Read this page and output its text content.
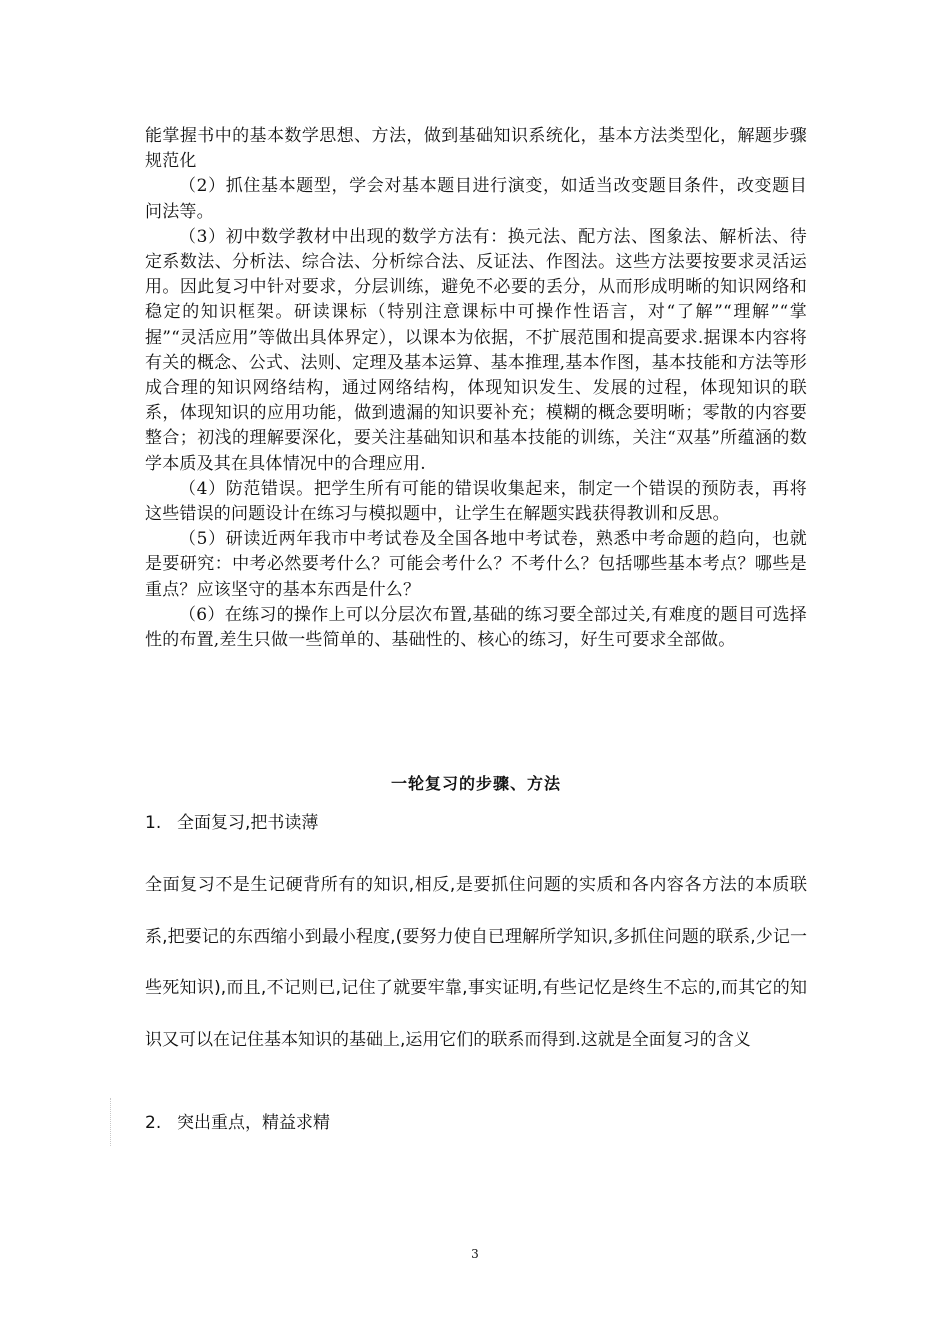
能掌握书中的基本数学思想、方法，做到基础知识系统化，基本方法类型化，解题步骤规范化

（2）抓住基本题型，学会对基本题目进行演变，如适当改变题目条件，改变题目问法等。

（3）初中数学教材中出现的数学方法有：换元法、配方法、图象法、解析法、待定系数法、分析法、综合法、分析综合法、反证法、作图法。这些方法要按要求灵活运用。因此复习中针对要求，分层训练，避免不必要的丢分，从而形成明晰的知识网络和稳定的知识框架。研读课标（特别注意课标中可操作性语言，对“了解”“理解”“掌握”“灵活应用”等做出具体界定），以课本为依据，不扩展范围和提高要求.据课本内容将有关的概念、公式、法则、定理及基本运算、基本推理,基本作图，基本技能和方法等形成合理的知识网络结构，通过网络结构，体现知识发生、发展的过程，体现知识的联系，体现知识的应用功能，做到遗漏的知识要补充；模糊的概念要明晰；零散的内容要整合；初浅的理解要深化，要关注基础知识和基本技能的训练，关注“双基”所蕴涵的数学本质及其在具体情况中的合理应用.

（4）防范错误。把学生所有可能的错误收集起来，制定一个错误的预防表，再将这些错误的问题设计在练习与模拟题中，让学生在解题实践获得教训和反思。

（5）研读近两年我市中考试卷及全国各地中考试卷，熟悉中考命题的趋向，也就是要研究：中考必然要考什么？可能会考什么？不考什么？包括哪些基本考点？哪些是重点？应该坚守的基本东西是什么？

（6）在练习的操作上可以分层次布置,基础的练习要全部过关,有难度的题目可选择性的布置,差生只做一些简单的、基础性的、核心的练习，好生可要求全部做。

一轮复习的步骤、方法
1. 全面复习,把书读薄

全面复习不是生记硬背所有的知识,相反,是要抓住问题的实质和各内容各方法的本质联系,把要记的东西缩小到最小程度,(要努力使自已理解所学知识,多抓住问题的联系,少记一些死知识),而且,不记则已,记住了就要牢靠,事实证明,有些记忆是终生不忘的,而其它的知识又可以在记住基本知识的基础上,运用它们的联系而得到.这就是全面复习的含义

2. 突出重点，精益求精
3
